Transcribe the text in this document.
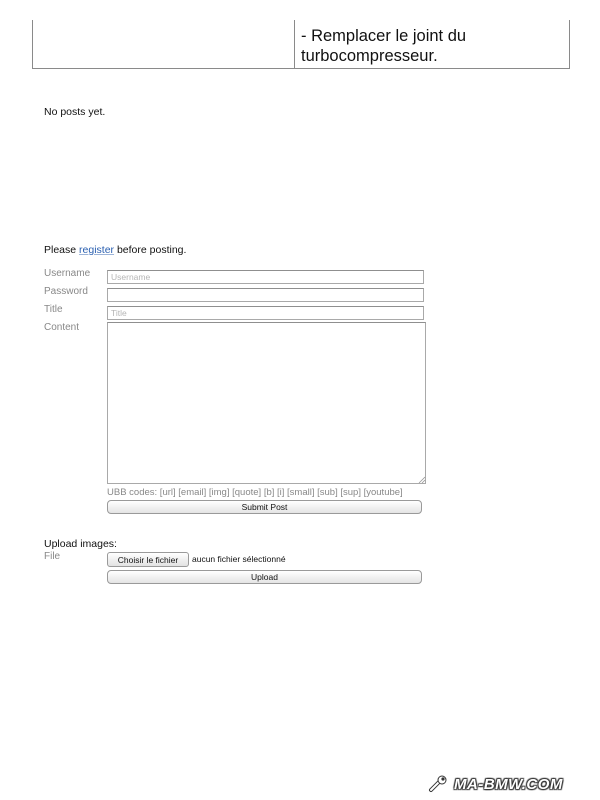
- Remplacer le joint du turbocompresseur.
No posts yet.
Please register before posting.
Username
Username
Password
Title
Title
Content
UBB codes: [url] [email] [img] [quote] [b] [i] [small] [sub] [sup] [youtube]
Submit Post
Upload images:
File	Choisir le fichier aucun fichier sélectionné
Upload
MA-BMW.COM
